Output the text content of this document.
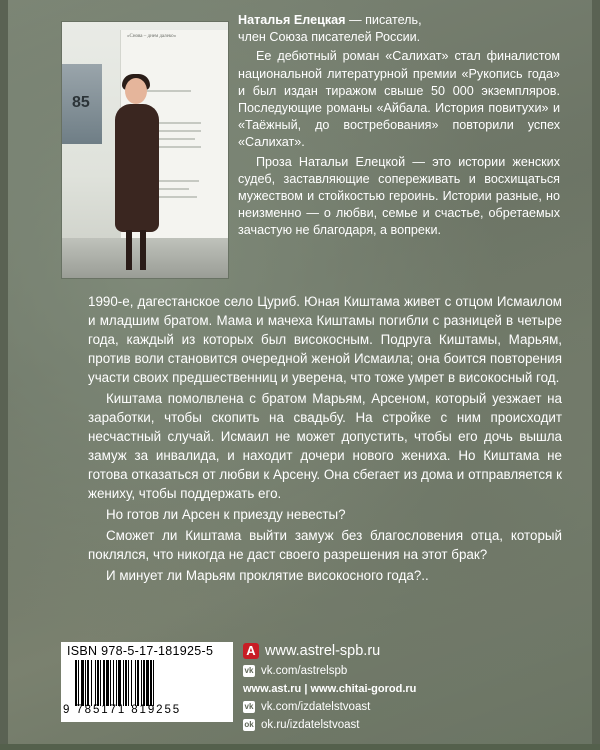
85
«Снова – днем далеко»

Наталья Елецкая — писатель,
член Союза писателей России.

Ее дебютный роман «Салихат» стал финалистом национальной литературной премии «Рукопись года» и был издан тиражом свыше 50 000 экземпляров. Последующие романы «Айбала. История повитухи» и «Таёжный, до востребования» повторили успех «Салихат».

Проза Натальи Елецкой — это истории женских судеб, заставляющие сопереживать и восхищаться мужеством и стойкостью героинь. Истории разные, но неизменно — о любви, семье и счастье, обретаемых зачастую не благодаря, а вопреки.

1990-е, дагестанское село Цуриб. Юная Киштама живет с отцом Исмаилом и младшим братом. Мама и мачеха Киштамы погибли с разницей в четыре года, каждый из которых был високосным. Подруга Киштамы, Марьям, против воли становится очередной женой Исмаила; она боится повторения участи своих предшественниц и уверена, что тоже умрет в високосный год.

Киштама помолвлена с братом Марьям, Арсеном, который уезжает на заработки, чтобы скопить на свадьбу. На стройке с ним происходит несчастный случай. Исмаил не может допустить, чтобы его дочь вышла замуж за инвалида, и находит дочери нового жениха. Но Киштама не готова отказаться от любви к Арсену. Она сбегает из дома и отправляется к жениху, чтобы поддержать его.

Но готов ли Арсен к приезду невесты?

Сможет ли Киштама выйти замуж без благословения отца, который поклялся, что никогда не даст своего разрешения на этот брак?

И минует ли Марьям проклятие високосного года?..

ISBN 978-5-17-181925-5
9 785171 819255
A www.astrel-spb.ru
vk vk.com/astrelspb
www.ast.ru | www.chitai-gorod.ru
vk vk.com/izdatelstvoast
ok ok.ru/izdatelstvoast
